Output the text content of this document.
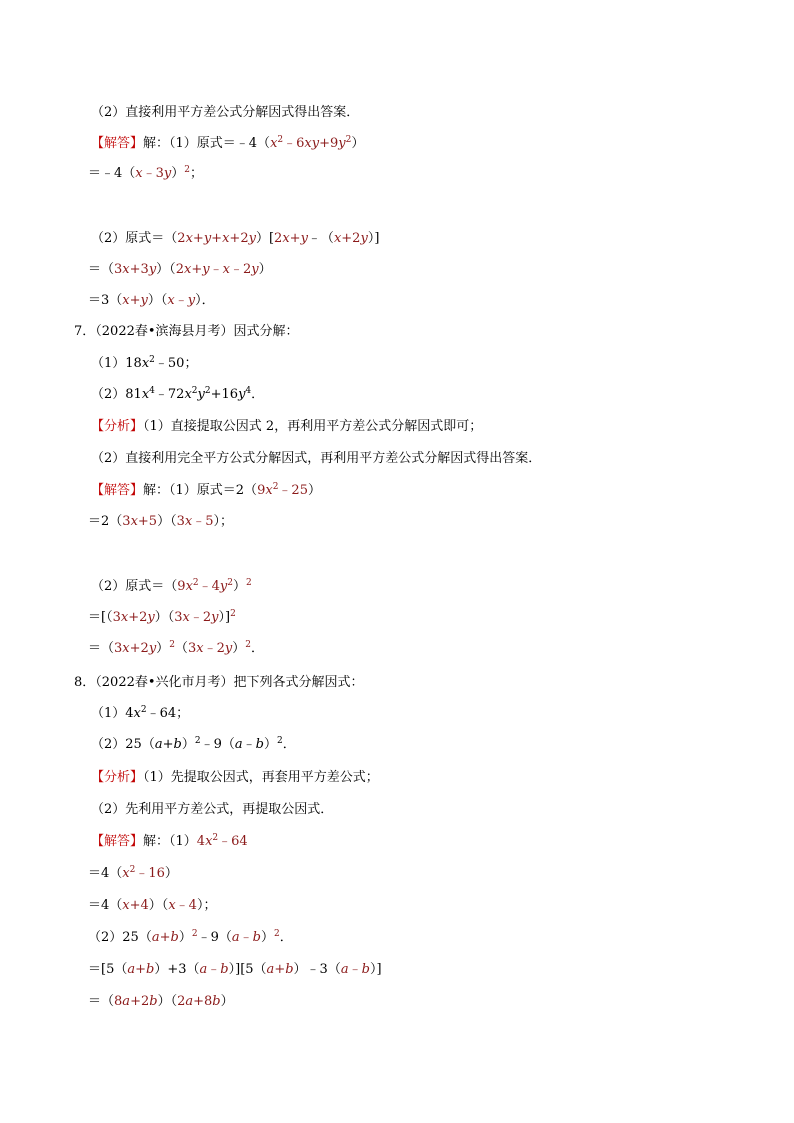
（2）直接利用平方差公式分解因式得出答案．
【解答】解：（1）原式$=﹣4(x^2﹣6xy+9y^2)$
＝﹣4（x﹣3y）$^2$；
（2）原式＝（2x+y+x+2y）[2x+y﹣（x+2y）]
＝（3x+3y）（2x+y﹣x﹣2y）
＝3（x+y）（x﹣y）．
7．（2022春•滨海县月考）因式分解：
$(1)18x^2﹣50$；
$(2)81x^4﹣72x^2y^2+16y^4$．
【分析】（1）直接提取公因式 2，再利用平方差公式分解因式即可；
（2）直接利用完全平方公式分解因式，再利用平方差公式分解因式得出答案．
【解答】解：（1）原式$=2(9x^2﹣25)$
＝2（3x+5）（3x﹣5）；
（2）原式$=(9x^2﹣4y^2)^2$
＝[（3x+2y）（3x﹣2y）]$^2$
$=(3x+2y)^2(3x﹣2y)^2$．
8．（2022春•兴化市月考）把下列各式分解因式：
$(1)4x^2﹣64$；
$(2)25(a+b)^2﹣9(a﹣b)^2$．
【分析】（1）先提取公因式，再套用平方差公式；
（2）先利用平方差公式，再提取公因式．
【解答】解：$(1)4x^2﹣64$
$=4(x^2﹣16)$
＝4（x+4）（x﹣4）；
$(2)25(a+b)^2﹣9(a﹣b)^2$．
＝[5（a+b）+3（a﹣b）][5（a+b）﹣3（a﹣b）]
＝（8a+2b）（2a+8b）
